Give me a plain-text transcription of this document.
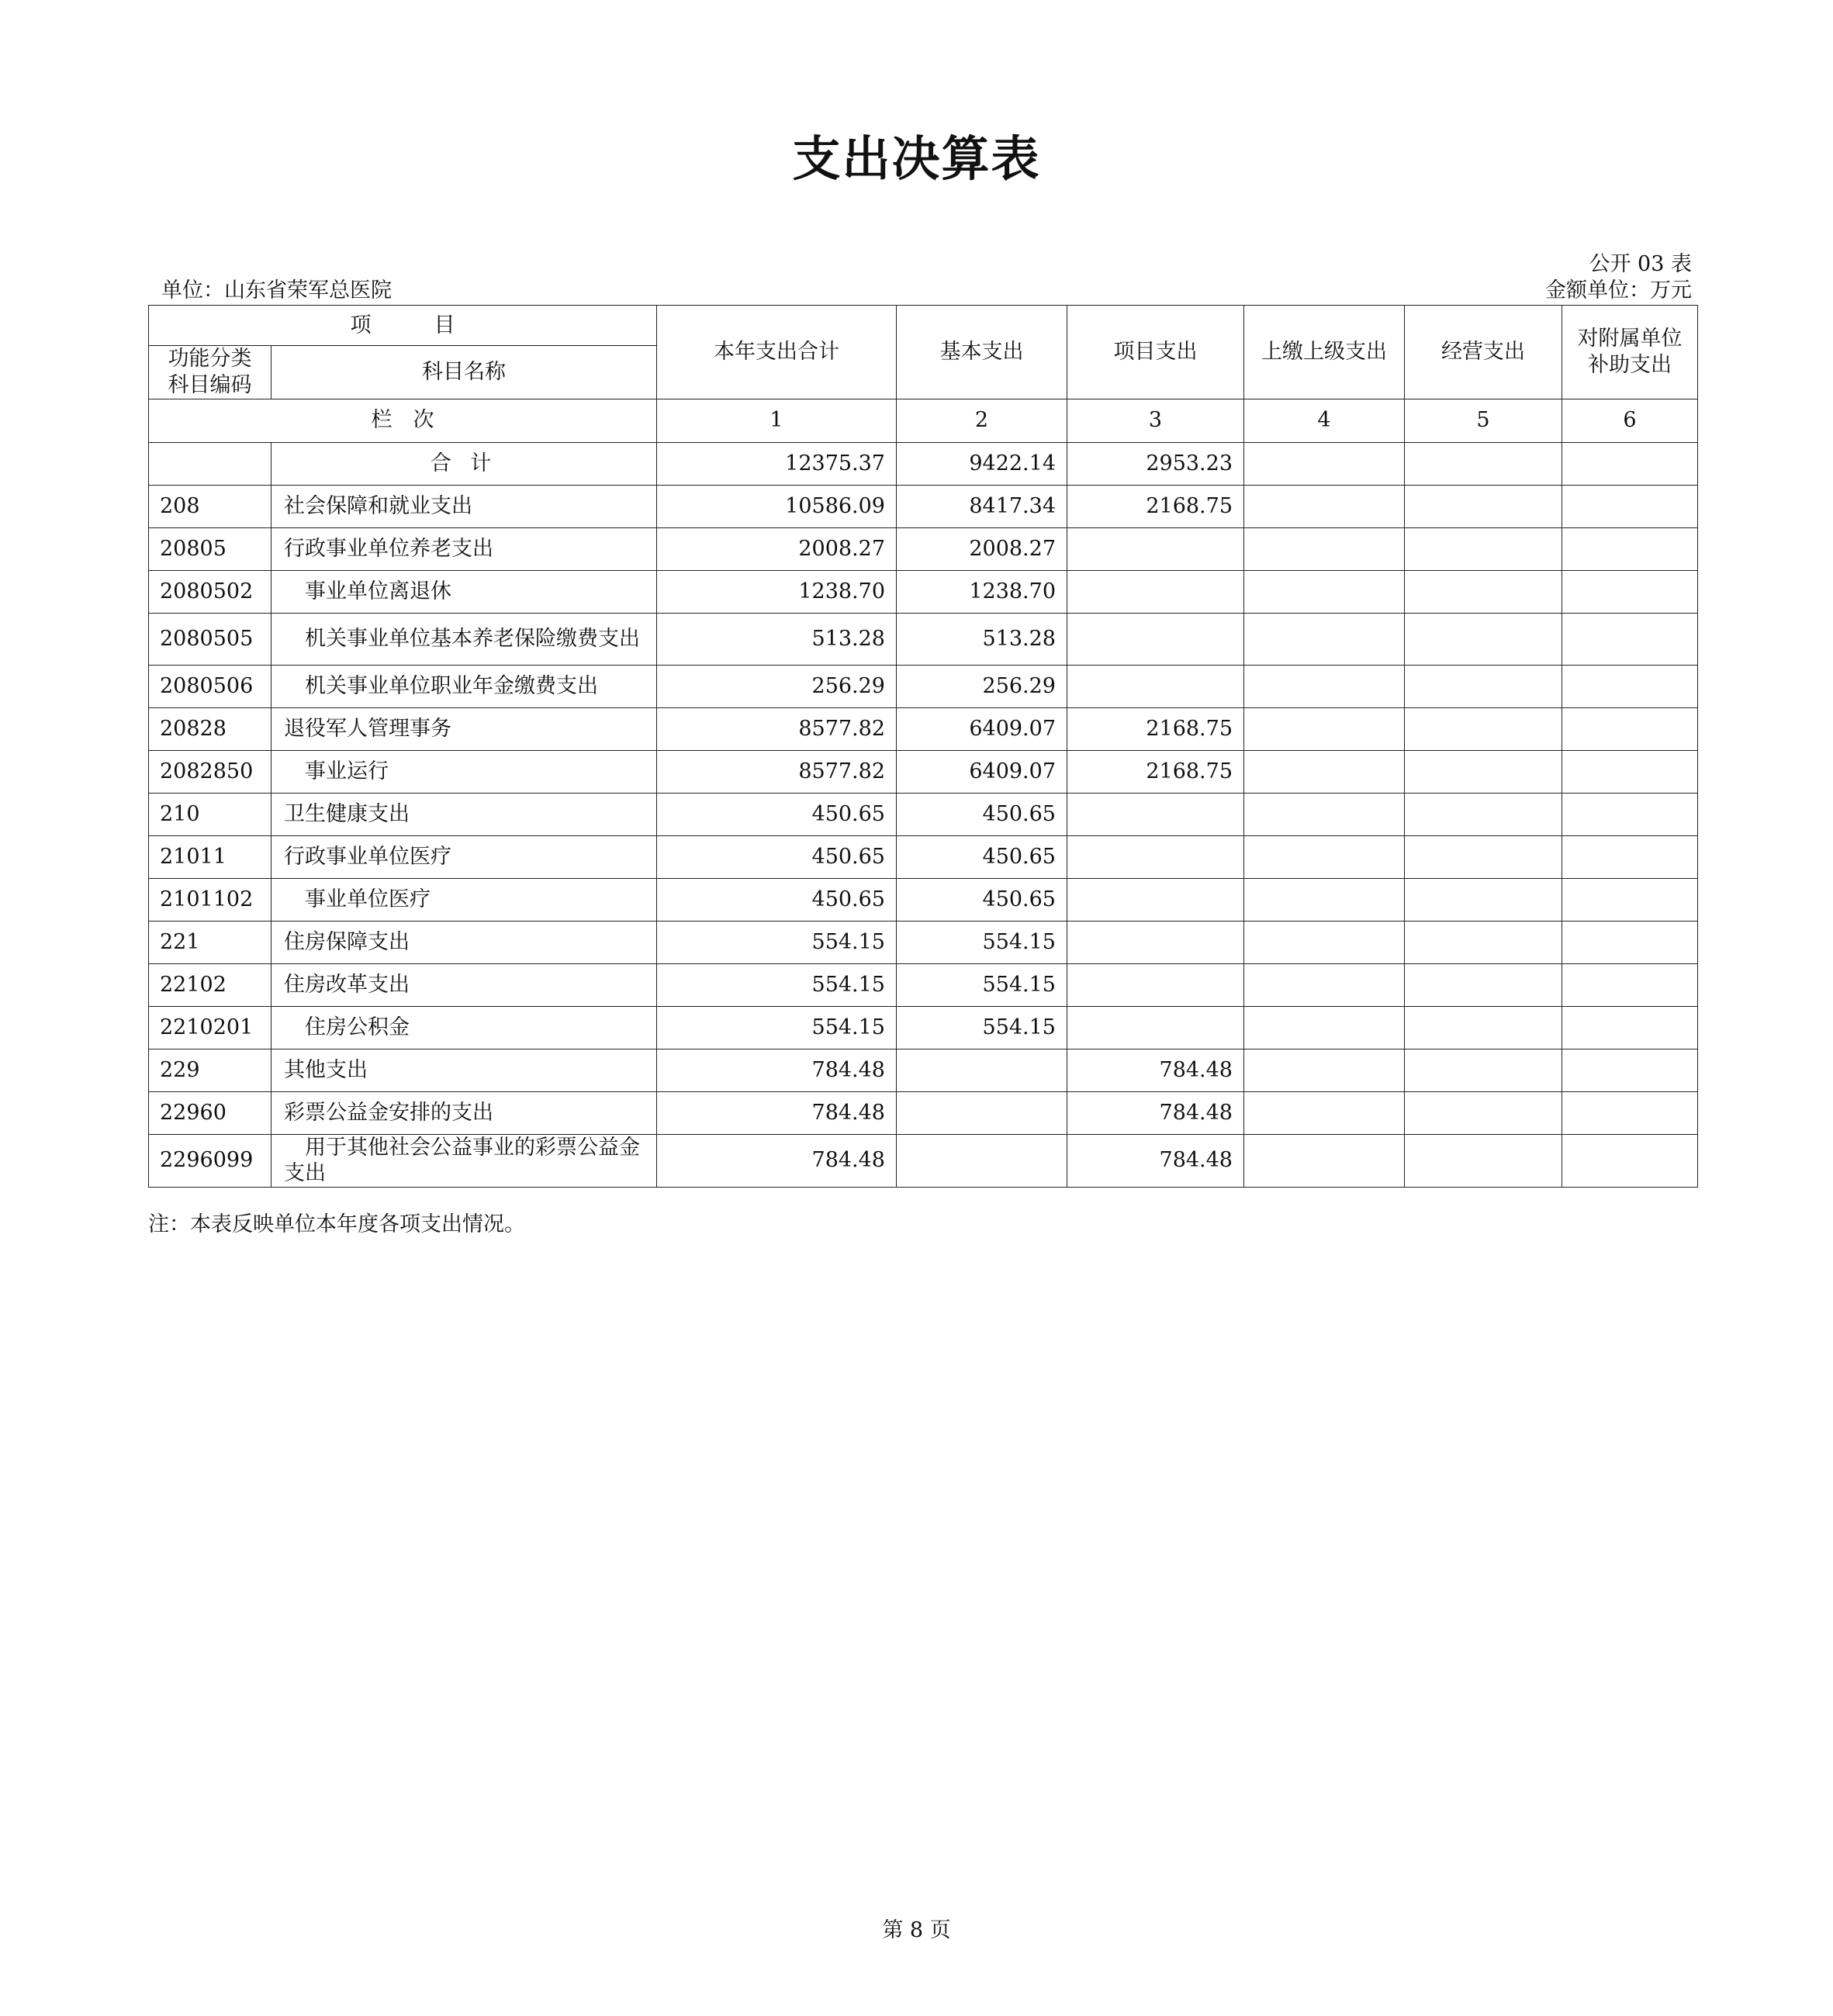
支出决算表
公开 03 表
单位：山东省荣军总医院	金额单位：万元
项　　　目		本年支出合计	基本支出	项目支出	上缴上级支出	经营支出	对附属单位
补助支出
功能分类
科目编码	科目名称						
栏　次		1	2	3	4	5	6
	合 计	12375.37	9422.14	2953.23			
208	社会保障和就业支出	10586.09	8417.34	2168.75			
20805	行政事业单位养老支出	2008.27	2008.27				
2080502	事业单位离退休	1238.70	1238.70				
2080505	机关事业单位基本养老保险缴费支出	513.28	513.28				
2080506	机关事业单位职业年金缴费支出	256.29	256.29				
20828	退役军人管理事务	8577.82	6409.07	2168.75			
2082850	事业运行	8577.82	6409.07	2168.75			
210	卫生健康支出	450.65	450.65				
21011	行政事业单位医疗	450.65	450.65				
2101102	事业单位医疗	450.65	450.65				
221	住房保障支出	554.15	554.15				
22102	住房改革支出	554.15	554.15				
2210201	住房公积金	554.15	554.15				
229	其他支出	784.48		784.48			
22960	彩票公益金安排的支出	784.48		784.48			
2296099	用于其他社会公益事业的彩票公益金支出	784.48		784.48			
注：本表反映单位本年度各项支出情况。
第 8 页
